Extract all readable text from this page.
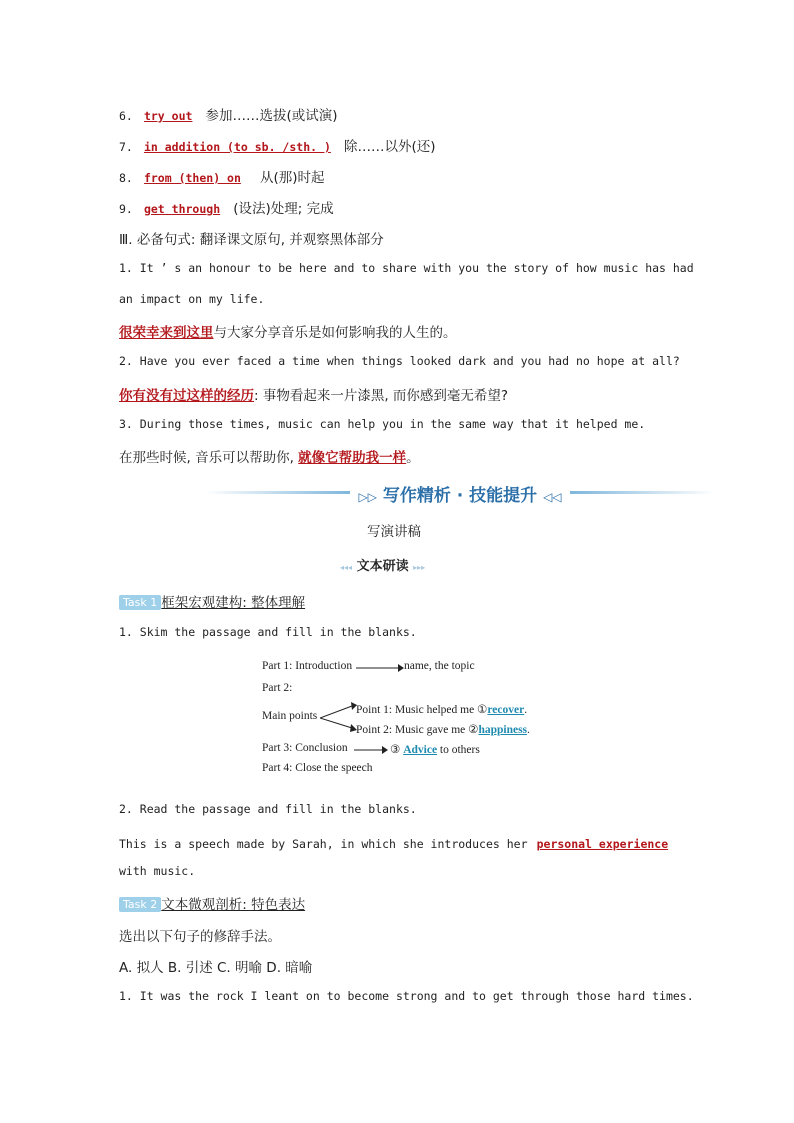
6. try out 参加……选拔(或试演)
7. in addition (to sb. /sth. ) 除……以外(还)
8. from (then) on 从(那)时起
9. get through (设法)处理; 完成
Ⅲ. 必备句式: 翻译课文原句, 并观察黑体部分
1. It ’ s an honour to be here and to share with you the story of how music has had
an impact on my life.
很荣幸来到这里与大家分享音乐是如何影响我的人生的。
2. Have you ever faced a time when things looked dark and you had no hope at all?
你有没有过这样的经历: 事物看起来一片漆黑, 而你感到毫无希望?
3. During those times, music can help you in the same way that it helped me.
在那些时候, 音乐可以帮助你, 就像它帮助我一样。
▷▷ 写作精析 · 技能提升 ◁◁
写演讲稿
◂◂◂ 文本研读 ▸▸▸
Task 1 框架宏观建构: 整体理解
1. Skim the passage and fill in the blanks.
Part 1: Introduction	name, the topic
Part 2:
Main points	Point 1: Music helped me ①recover.
Point 2: Music gave me ②happiness.
Part 3: Conclusion	③ Advice to others
Part 4: Close the speech
2. Read the passage and fill in the blanks.
This is a speech made by Sarah, in which she introduces her personal experience
with music.
Task 2 文本微观剖析: 特色表达
选出以下句子的修辞手法。
A. 拟人 B. 引述 C. 明喻 D. 暗喻
1. It was the rock I leant on to become strong and to get through those hard times.
